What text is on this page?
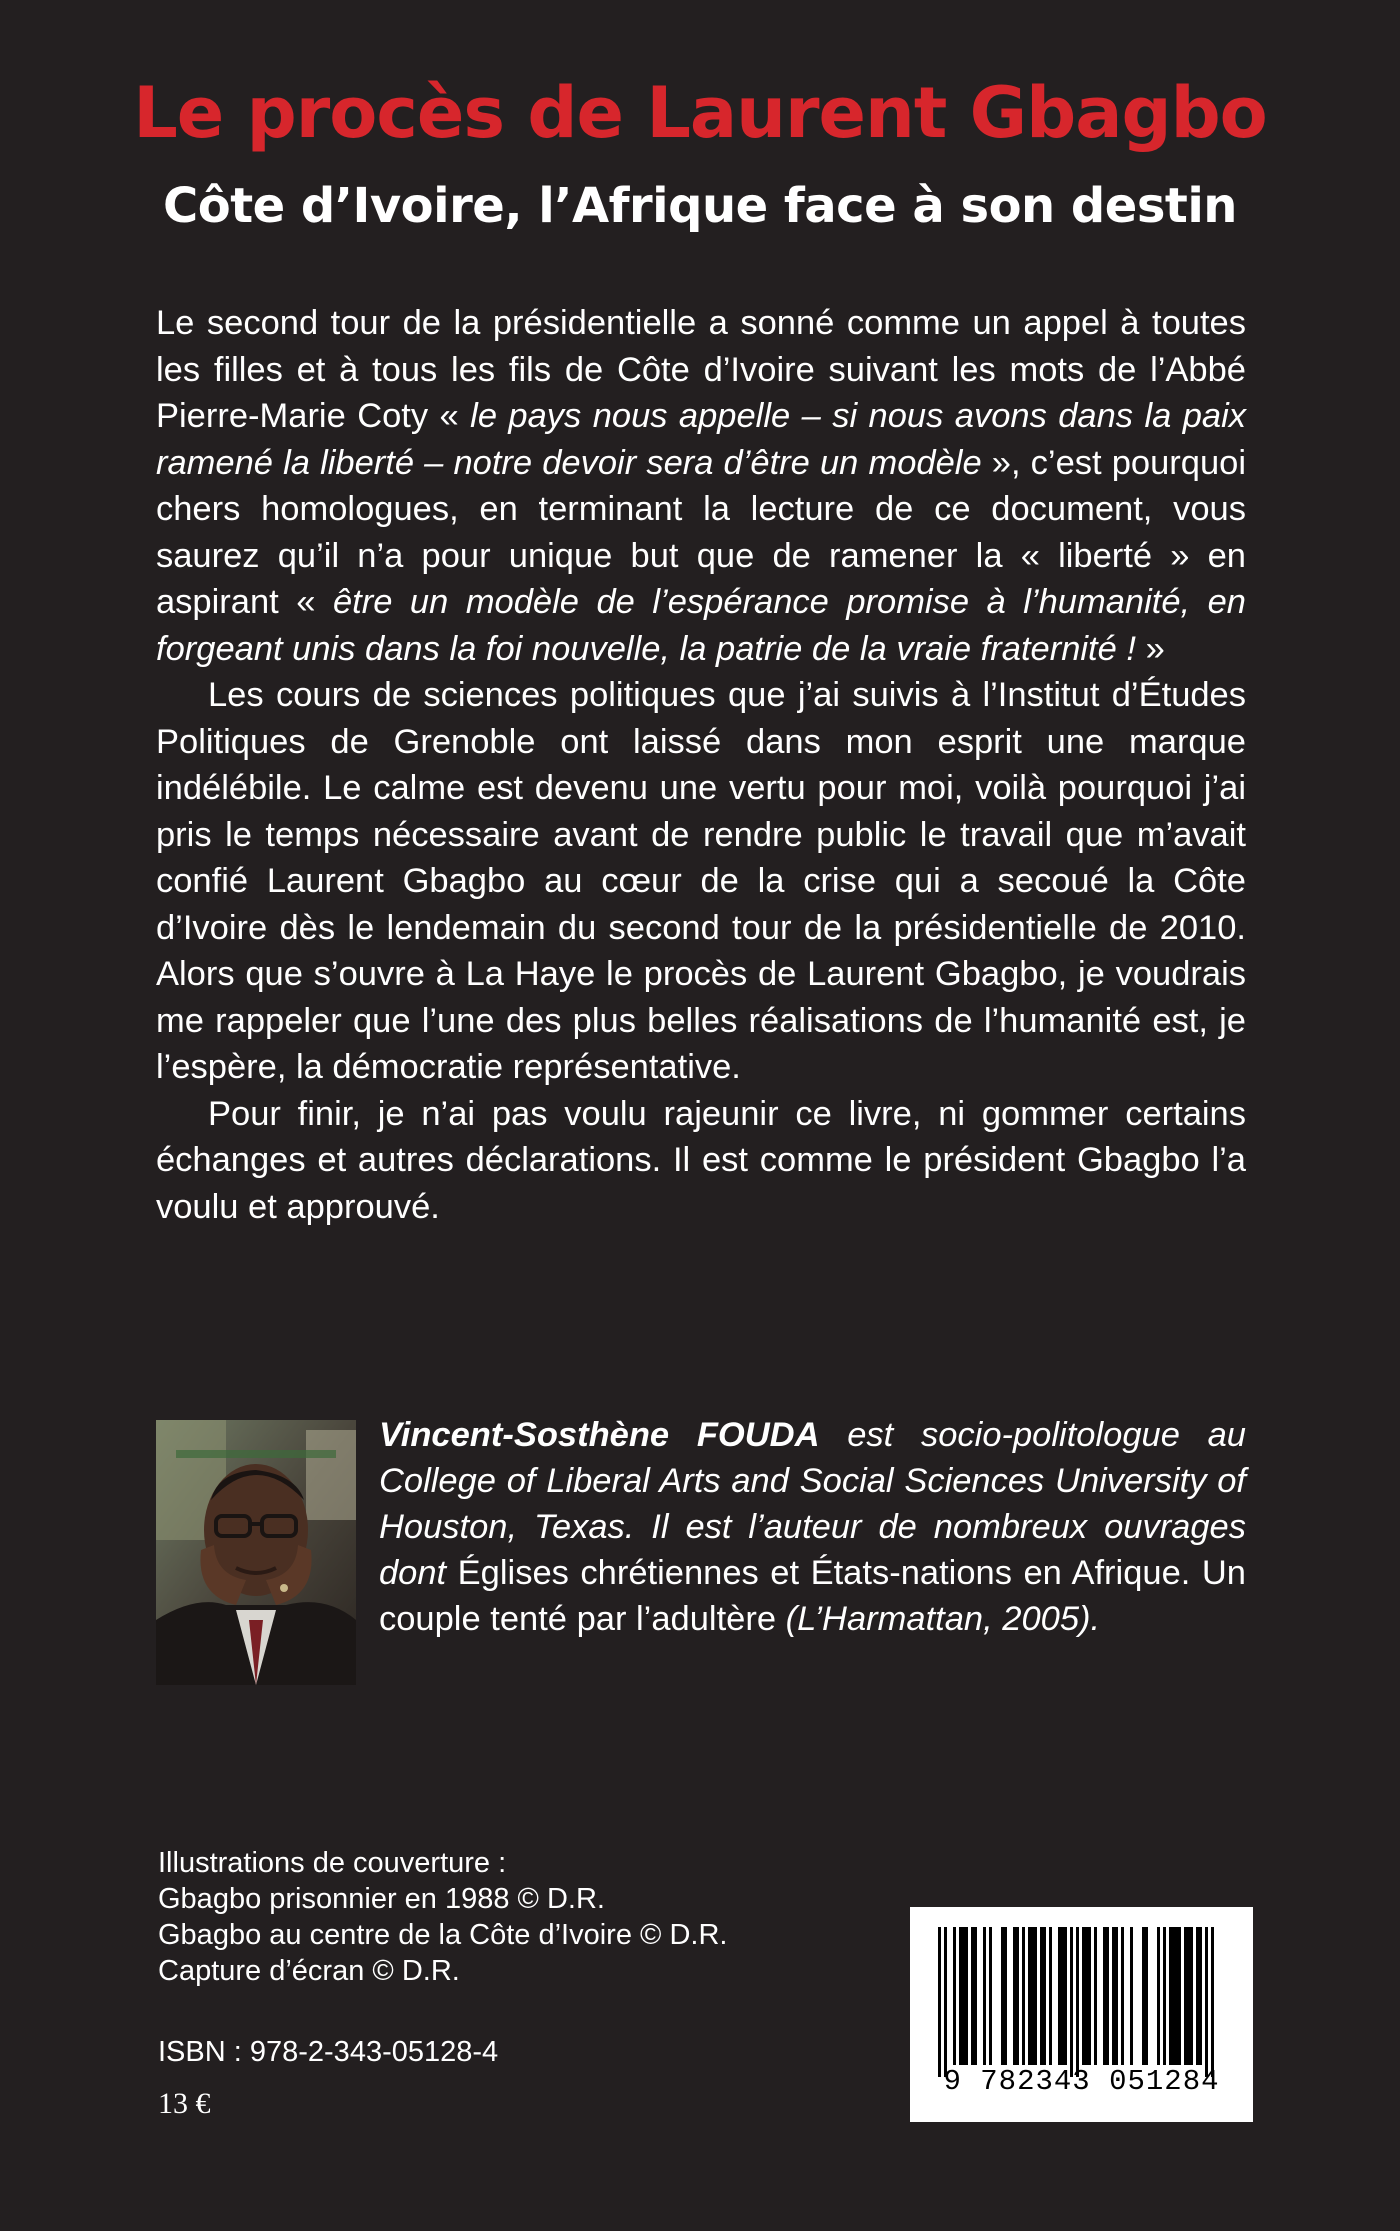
Le procès de Laurent Gbagbo
Côte d’Ivoire, l’Afrique face à son destin

Le second tour de la présidentielle a sonné comme un appel à toutes les filles et à tous les fils de Côte d’Ivoire suivant les mots de l’Abbé Pierre-Marie Coty « le pays nous appelle – si nous avons dans la paix ramené la liberté – notre devoir sera d’être un modèle », c’est pourquoi chers homologues, en terminant la lecture de ce document, vous saurez qu’il n’a pour unique but que de ramener la « liberté » en aspirant « être un modèle de l’espérance promise à l’humanité, en forgeant unis dans la foi nouvelle, la patrie de la vraie fraternité ! »

Les cours de sciences politiques que j’ai suivis à l’Institut d’Études Politiques de Grenoble ont laissé dans mon esprit une marque indélébile. Le calme est devenu une vertu pour moi, voilà pourquoi j’ai pris le temps nécessaire avant de rendre public le travail que m’avait confié Laurent Gbagbo au cœur de la crise qui a secoué la Côte d’Ivoire dès le lendemain du second tour de la présidentielle de 2010. Alors que s’ouvre à La Haye le procès de Laurent Gbagbo, je voudrais me rappeler que l’une des plus belles réalisations de l’humanité est, je l’espère, la démocratie représentative.

Pour finir, je n’ai pas voulu rajeunir ce livre, ni gommer certains échanges et autres déclarations. Il est comme le président Gbagbo l’a voulu et approuvé.

Vincent-Sosthène FOUDA est socio-politologue au College of Liberal Arts and Social Sciences University of Houston, Texas. Il est l’auteur de nombreux ouvrages dont Églises chrétiennes et États-nations en Afrique. Un couple tenté par l’adultère (L’Harmattan, 2005).

Illustrations de couverture :
Gbagbo prisonnier en 1988 © D.R.
Gbagbo au centre de la Côte d’Ivoire © D.R.
Capture d’écran © D.R.
ISBN : 978-2-343-05128-4
13 €
9 782343 051284
